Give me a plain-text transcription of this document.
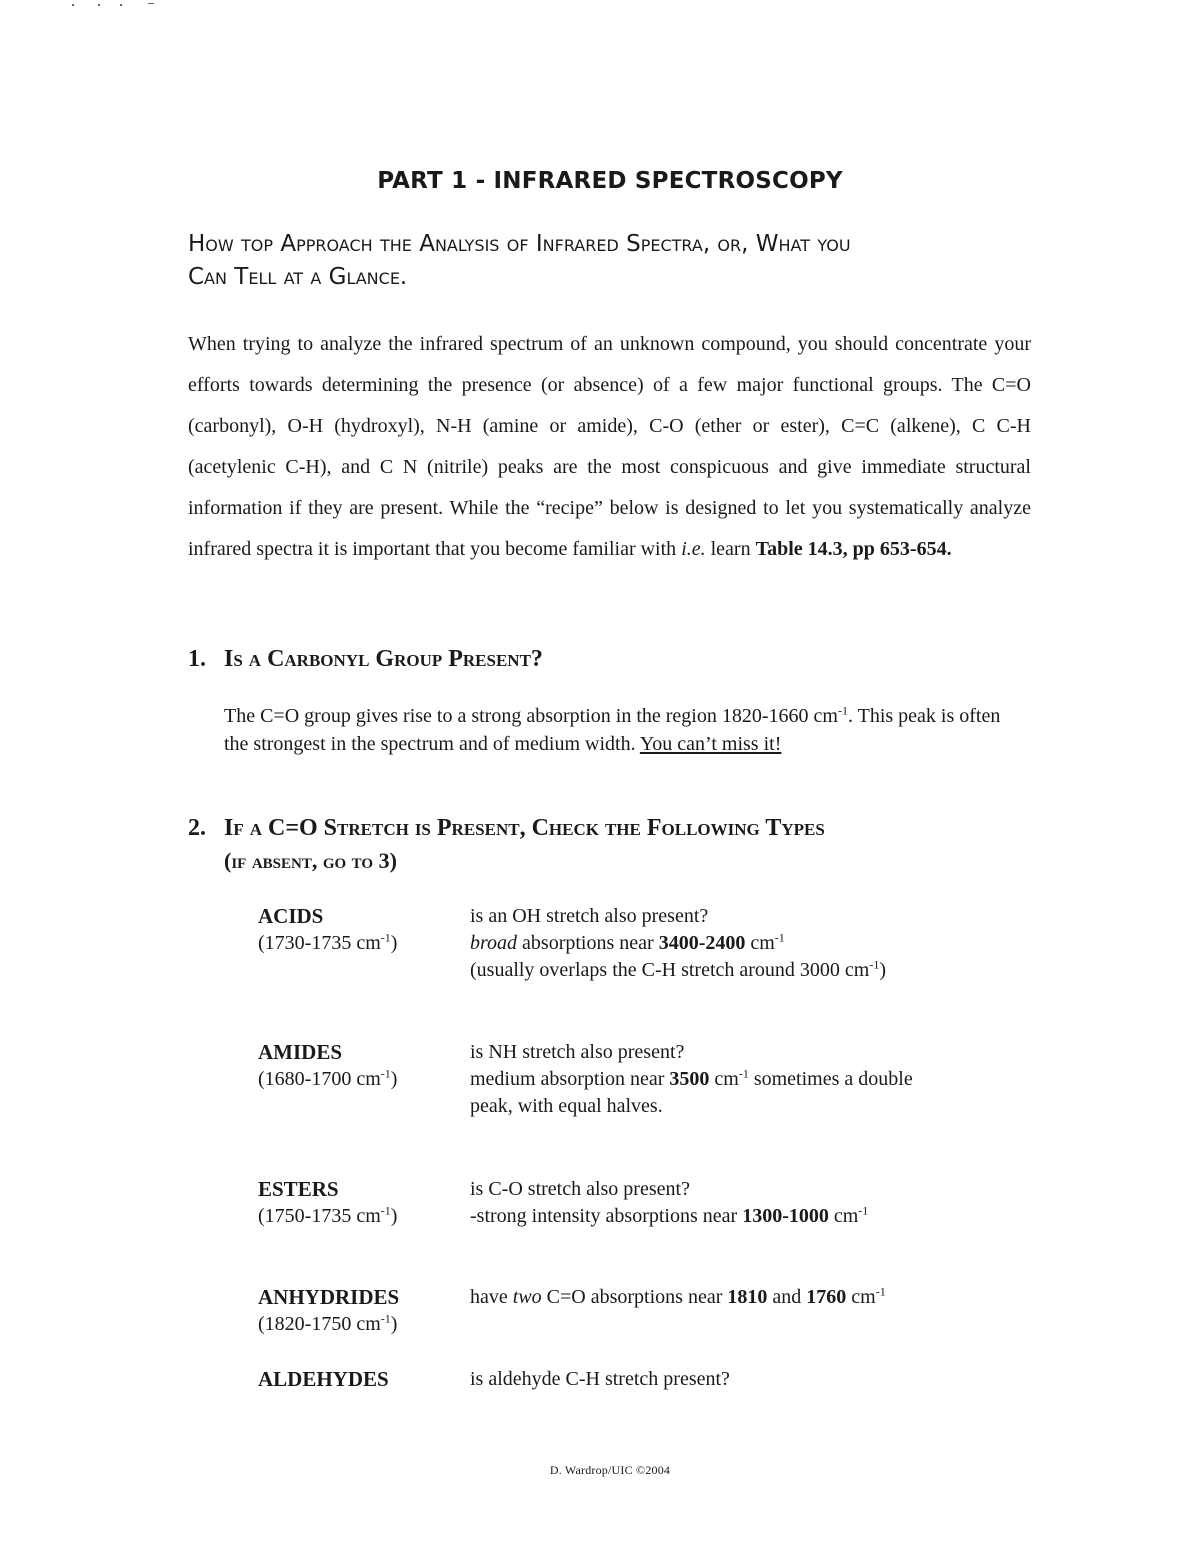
PART 1 - INFRARED SPECTROSCOPY
How top Approach the Analysis of Infrared Spectra, or, What you
Can Tell at a Glance.

When trying to analyze the infrared spectrum of an unknown compound, you should concentrate your efforts towards determining the presence (or absence) of a few major functional groups. The C=O (carbonyl), O-H (hydroxyl), N-H (amine or amide), C-O (ether or ester), C=C (alkene), C C-H (acetylenic C-H), and C N (nitrile) peaks are the most conspicuous and give immediate structural information if they are present. While the “recipe” below is designed to let you systematically analyze infrared spectra it is important that you become familiar with i.e. learn Table 14.3, pp 653-654.

1. Is a Carbonyl Group Present?

The C=O group gives rise to a strong absorption in the region 1820-1660 $cm^{-1}$. This peak is often the strongest in the spectrum and of medium width. You can’t miss it!

2. If a C=O Stretch is Present, Check the Following Types
(if absent, go to 3)
ACIDS
(1730-1735 $cm^{-1}$)

is an OH stretch also present?

broad absorptions near 3400-2400 $cm^{-1}$

(usually overlaps the C-H stretch around 3000 $cm^{-1}$)

AMIDES
(1680-1700 $cm^{-1}$)

is NH stretch also present?

medium absorption near 3500 $cm^{-1}$ sometimes a double

peak, with equal halves.

ESTERS
(1750-1735 $cm^{-1}$)

is C-O stretch also present?

-strong intensity absorptions near 1300-1000 $cm^{-1}$

ANHYDRIDES
(1820-1750 $cm^{-1}$)

have two C=O absorptions near 1810 and 1760 $cm^{-1}$

ALDEHYDES	is aldehyde C-H stretch present?

D. Wardrop/UIC ©2004
